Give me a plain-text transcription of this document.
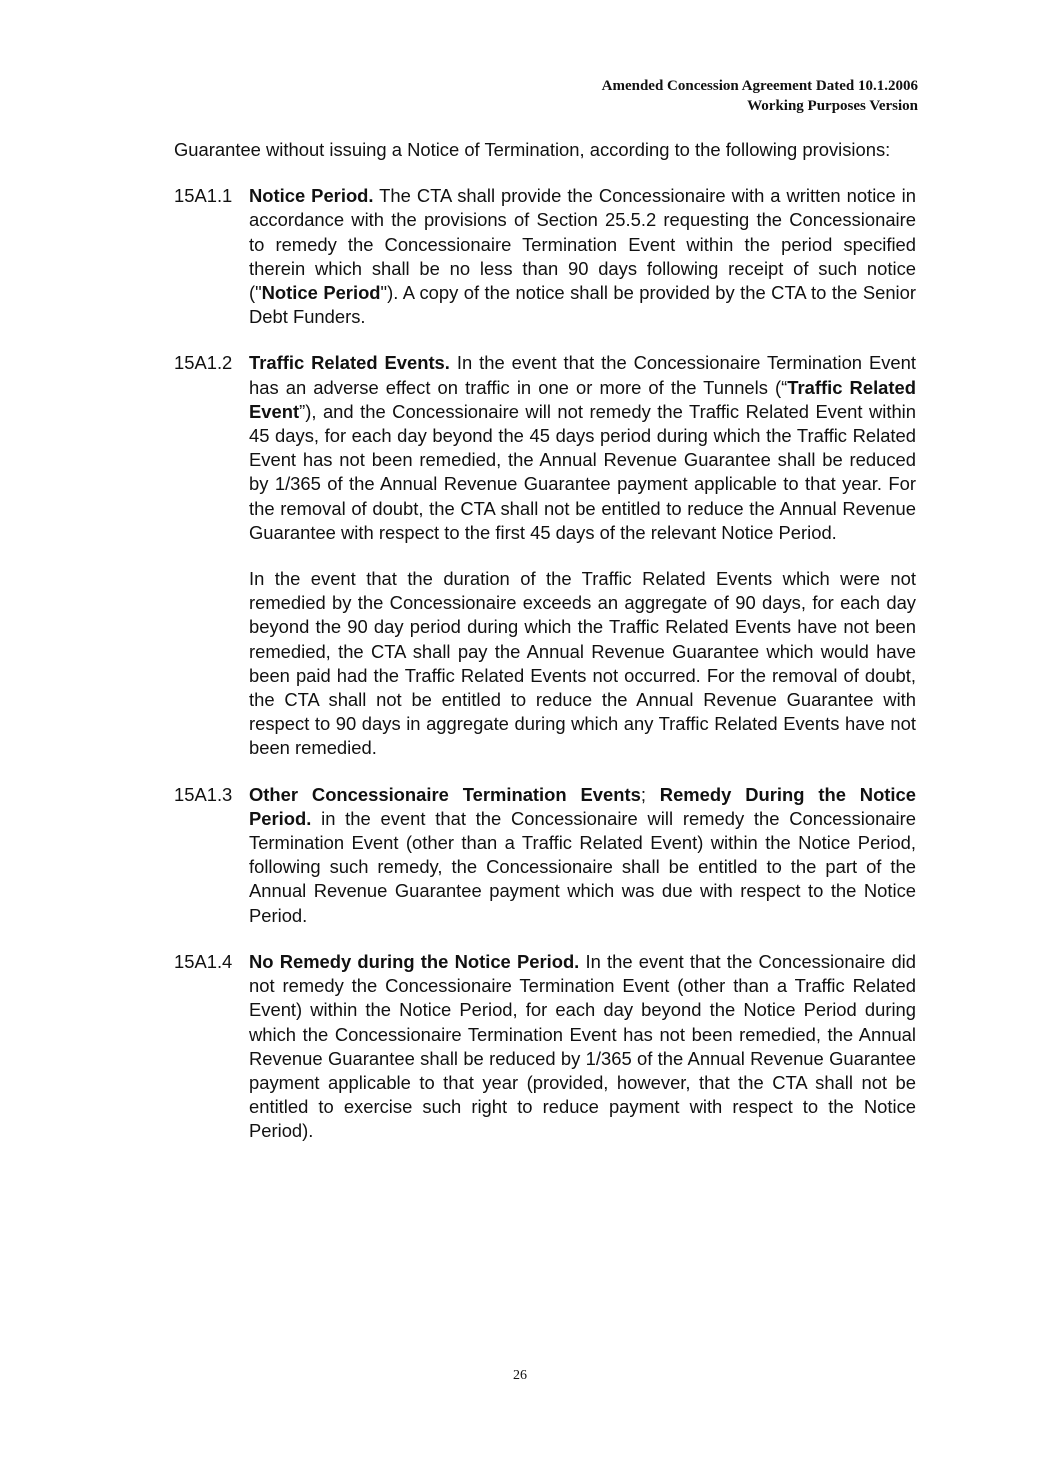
Amended Concession Agreement Dated 10.1.2006
Working Purposes Version

Guarantee without issuing a Notice of Termination, according to the following provisions:

15A1.1 Notice Period. The CTA shall provide the Concessionaire with a written notice in accordance with the provisions of Section 25.5.2 requesting the Concessionaire to remedy the Concessionaire Termination Event within the period specified therein which shall be no less than 90 days following receipt of such notice ("Notice Period"). A copy of the notice shall be provided by the CTA to the Senior Debt Funders.

15A1.2 Traffic Related Events. In the event that the Concessionaire Termination Event has an adverse effect on traffic in one or more of the Tunnels (“Traffic Related Event”), and the Concessionaire will not remedy the Traffic Related Event within 45 days, for each day beyond the 45 days period during which the Traffic Related Event has not been remedied, the Annual Revenue Guarantee shall be reduced by 1/365 of the Annual Revenue Guarantee payment applicable to that year. For the removal of doubt, the CTA shall not be entitled to reduce the Annual Revenue Guarantee with respect to the first 45 days of the relevant Notice Period.

In the event that the duration of the Traffic Related Events which were not remedied by the Concessionaire exceeds an aggregate of 90 days, for each day beyond the 90 day period during which the Traffic Related Events have not been remedied, the CTA shall pay the Annual Revenue Guarantee which would have been paid had the Traffic Related Events not occurred. For the removal of doubt, the CTA shall not be entitled to reduce the Annual Revenue Guarantee with respect to 90 days in aggregate during which any Traffic Related Events have not been remedied.

15A1.3 Other Concessionaire Termination Events; Remedy During the Notice Period. in the event that the Concessionaire will remedy the Concessionaire Termination Event (other than a Traffic Related Event) within the Notice Period, following such remedy, the Concessionaire shall be entitled to the part of the Annual Revenue Guarantee payment which was due with respect to the Notice Period.

15A1.4 No Remedy during the Notice Period. In the event that the Concessionaire did not remedy the Concessionaire Termination Event (other than a Traffic Related Event) within the Notice Period, for each day beyond the Notice Period during which the Concessionaire Termination Event has not been remedied, the Annual Revenue Guarantee shall be reduced by 1/365 of the Annual Revenue Guarantee payment applicable to that year (provided, however, that the CTA shall not be entitled to exercise such right to reduce payment with respect to the Notice Period).

26
